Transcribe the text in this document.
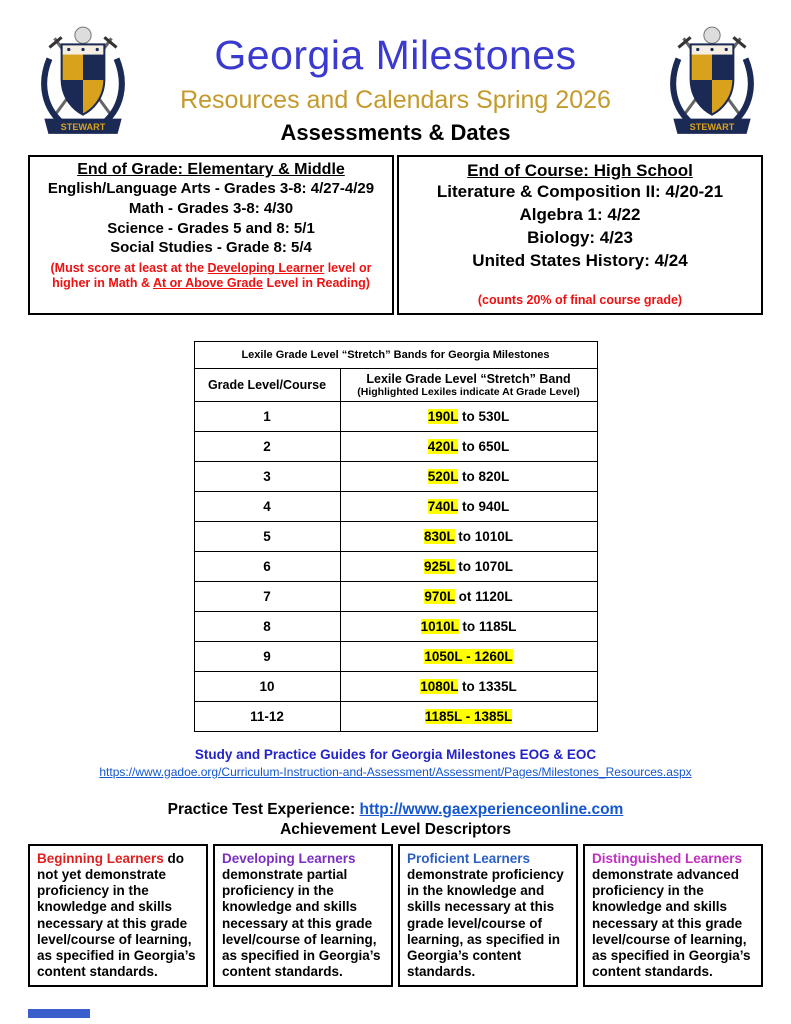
STEWART	STEWART
Georgia Milestones
Resources and Calendars Spring 2026
Assessments & Dates
End of Grade: Elementary & Middle
English/Language Arts - Grades 3-8: 4/27-4/29
Math - Grades 3-8: 4/30
Science - Grades 5 and 8: 5/1
Social Studies - Grade 8: 5/4
(Must score at least at the Developing Learner level or higher in Math & At or Above Grade Level in Reading)
End of Course: High School
Literature & Composition II: 4/20-21
Algebra 1: 4/22
Biology: 4/23
United States History: 4/24
(counts 20% of final course grade)
Lexile Grade Level “Stretch” Bands for Georgia Milestones	
Grade Level/Course	Lexile Grade Level “Stretch” Band
(Highlighted Lexiles indicate At Grade Level)

1	190L to 530L
2	420L to 650L
3	520L to 820L
4	740L to 940L
5	830L to 1010L
6	925L to 1070L
7	970L ot 1120L
8	1010L to 1185L
9	1050L - 1260L
10	1080L to 1335L
11-12	1185L - 1385L
Study and Practice Guides for Georgia Milestones EOG & EOC
https://www.gadoe.org/Curriculum-Instruction-and-Assessment/Assessment/Pages/Milestones_Resources.aspx
Practice Test Experience: http://www.gaexperienceonline.com
Achievement Level Descriptors
Beginning Learners do not yet demonstrate proficiency in the knowledge and skills necessary at this grade level/course of learning, as specified in Georgia’s content standards.
Developing Learners demonstrate partial proficiency in the knowledge and skills necessary at this grade level/course of learning, as specified in Georgia’s content standards.
Proficient Learners demonstrate proficiency in the knowledge and skills necessary at this grade level/course of learning, as specified in Georgia’s content standards.
Distinguished Learners demonstrate advanced proficiency in the knowledge and skills necessary at this grade level/course of learning, as specified in Georgia’s content standards.
